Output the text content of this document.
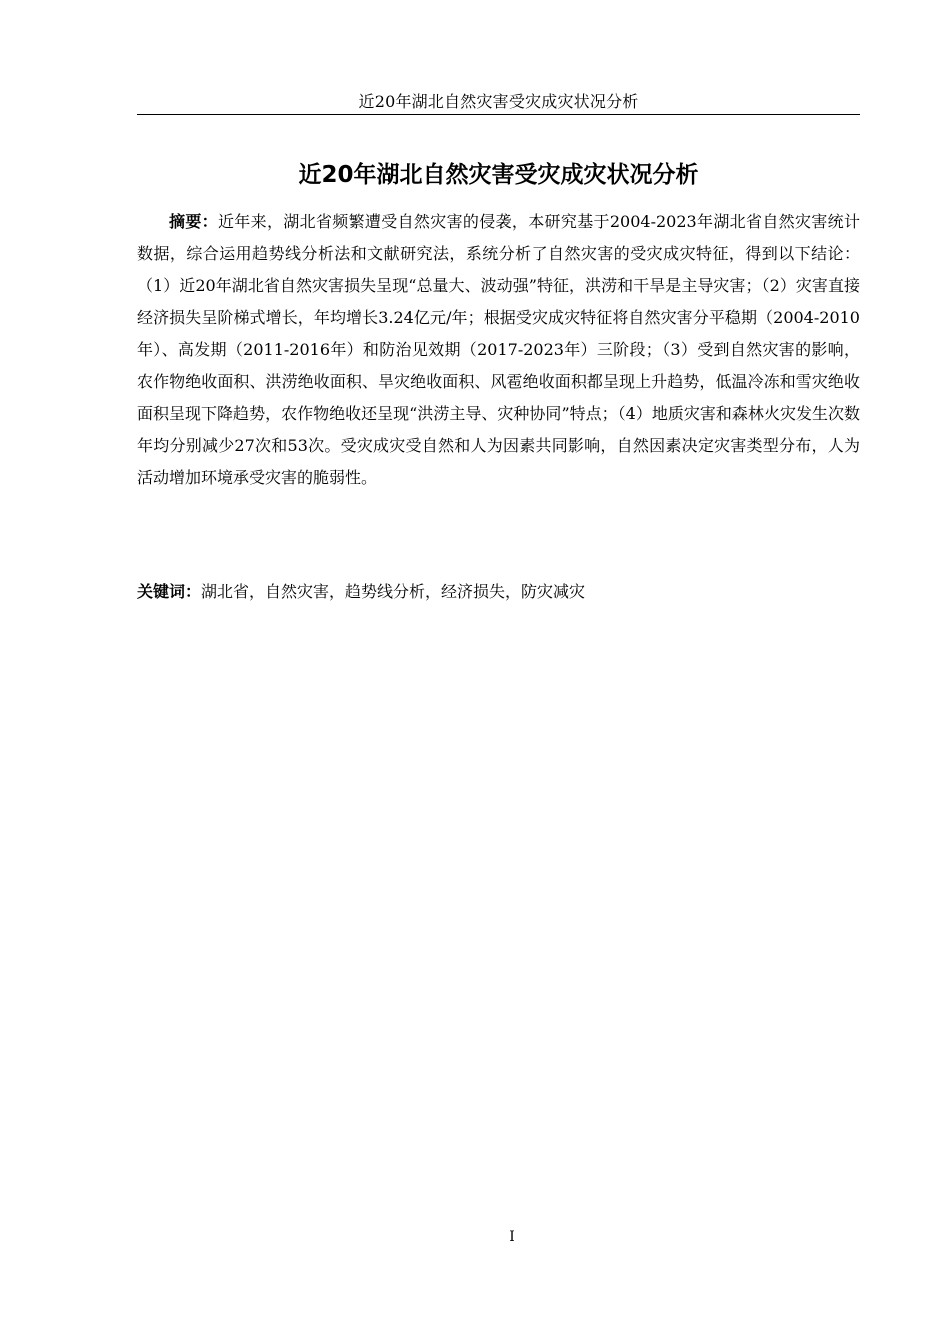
近20年湖北自然灾害受灾成灾状况分析
近20年湖北自然灾害受灾成灾状况分析

摘要：近年来，湖北省频繁遭受自然灾害的侵袭，本研究基于2004-2023年湖北省自然灾害统计数据，综合运用趋势线分析法和文献研究法，系统分析了自然灾害的受灾成灾特征，得到以下结论：（1）近20年湖北省自然灾害损失呈现“总量大、波动强”特征，洪涝和干旱是主导灾害；（2）灾害直接经济损失呈阶梯式增长，年均增长3.24亿元/年；根据受灾成灾特征将自然灾害分平稳期（2004-2010年）、高发期（2011-2016年）和防治见效期（2017-2023年）三阶段；（3）受到自然灾害的影响，农作物绝收面积、洪涝绝收面积、旱灾绝收面积、风雹绝收面积都呈现上升趋势，低温冷冻和雪灾绝收面积呈现下降趋势，农作物绝收还呈现“洪涝主导、灾种协同”特点；（4）地质灾害和森林火灾发生次数年均分别减少27次和53次。受灾成灾受自然和人为因素共同影响，自然因素决定灾害类型分布，人为活动增加环境承受灾害的脆弱性。

关键词：湖北省，自然灾害，趋势线分析，经济损失，防灾减灾

I
